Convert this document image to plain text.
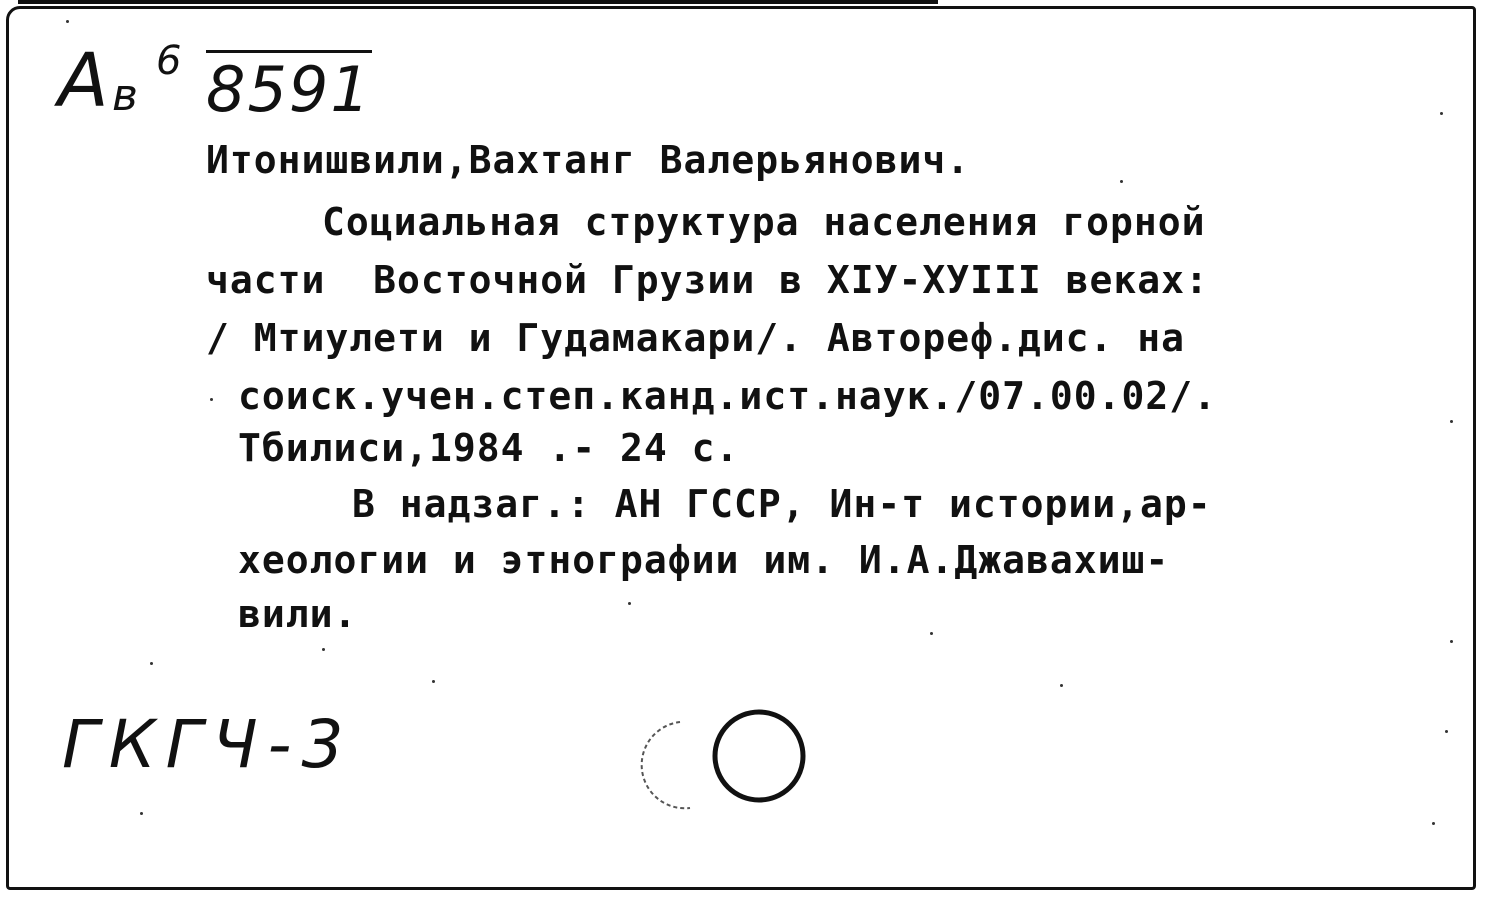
А в
6 8591
Итонишвили,Вахтанг Валерьянович.
Социальная структура населения горной
части  Восточной Грузии в XIУ-ХУIII веках:
/ Мтиулети и Гудамакари/. Автореф.дис. на
соиск.учен.степ.канд.ист.наук./07.00.02/.
Тбилиси,1984 .- 24 с.
В надзаг.: АН ГССР, Ин-т истории,ар-
хеологии и этнографии им. И.А.Джавахиш-
вили.
ГКГЧ-3
